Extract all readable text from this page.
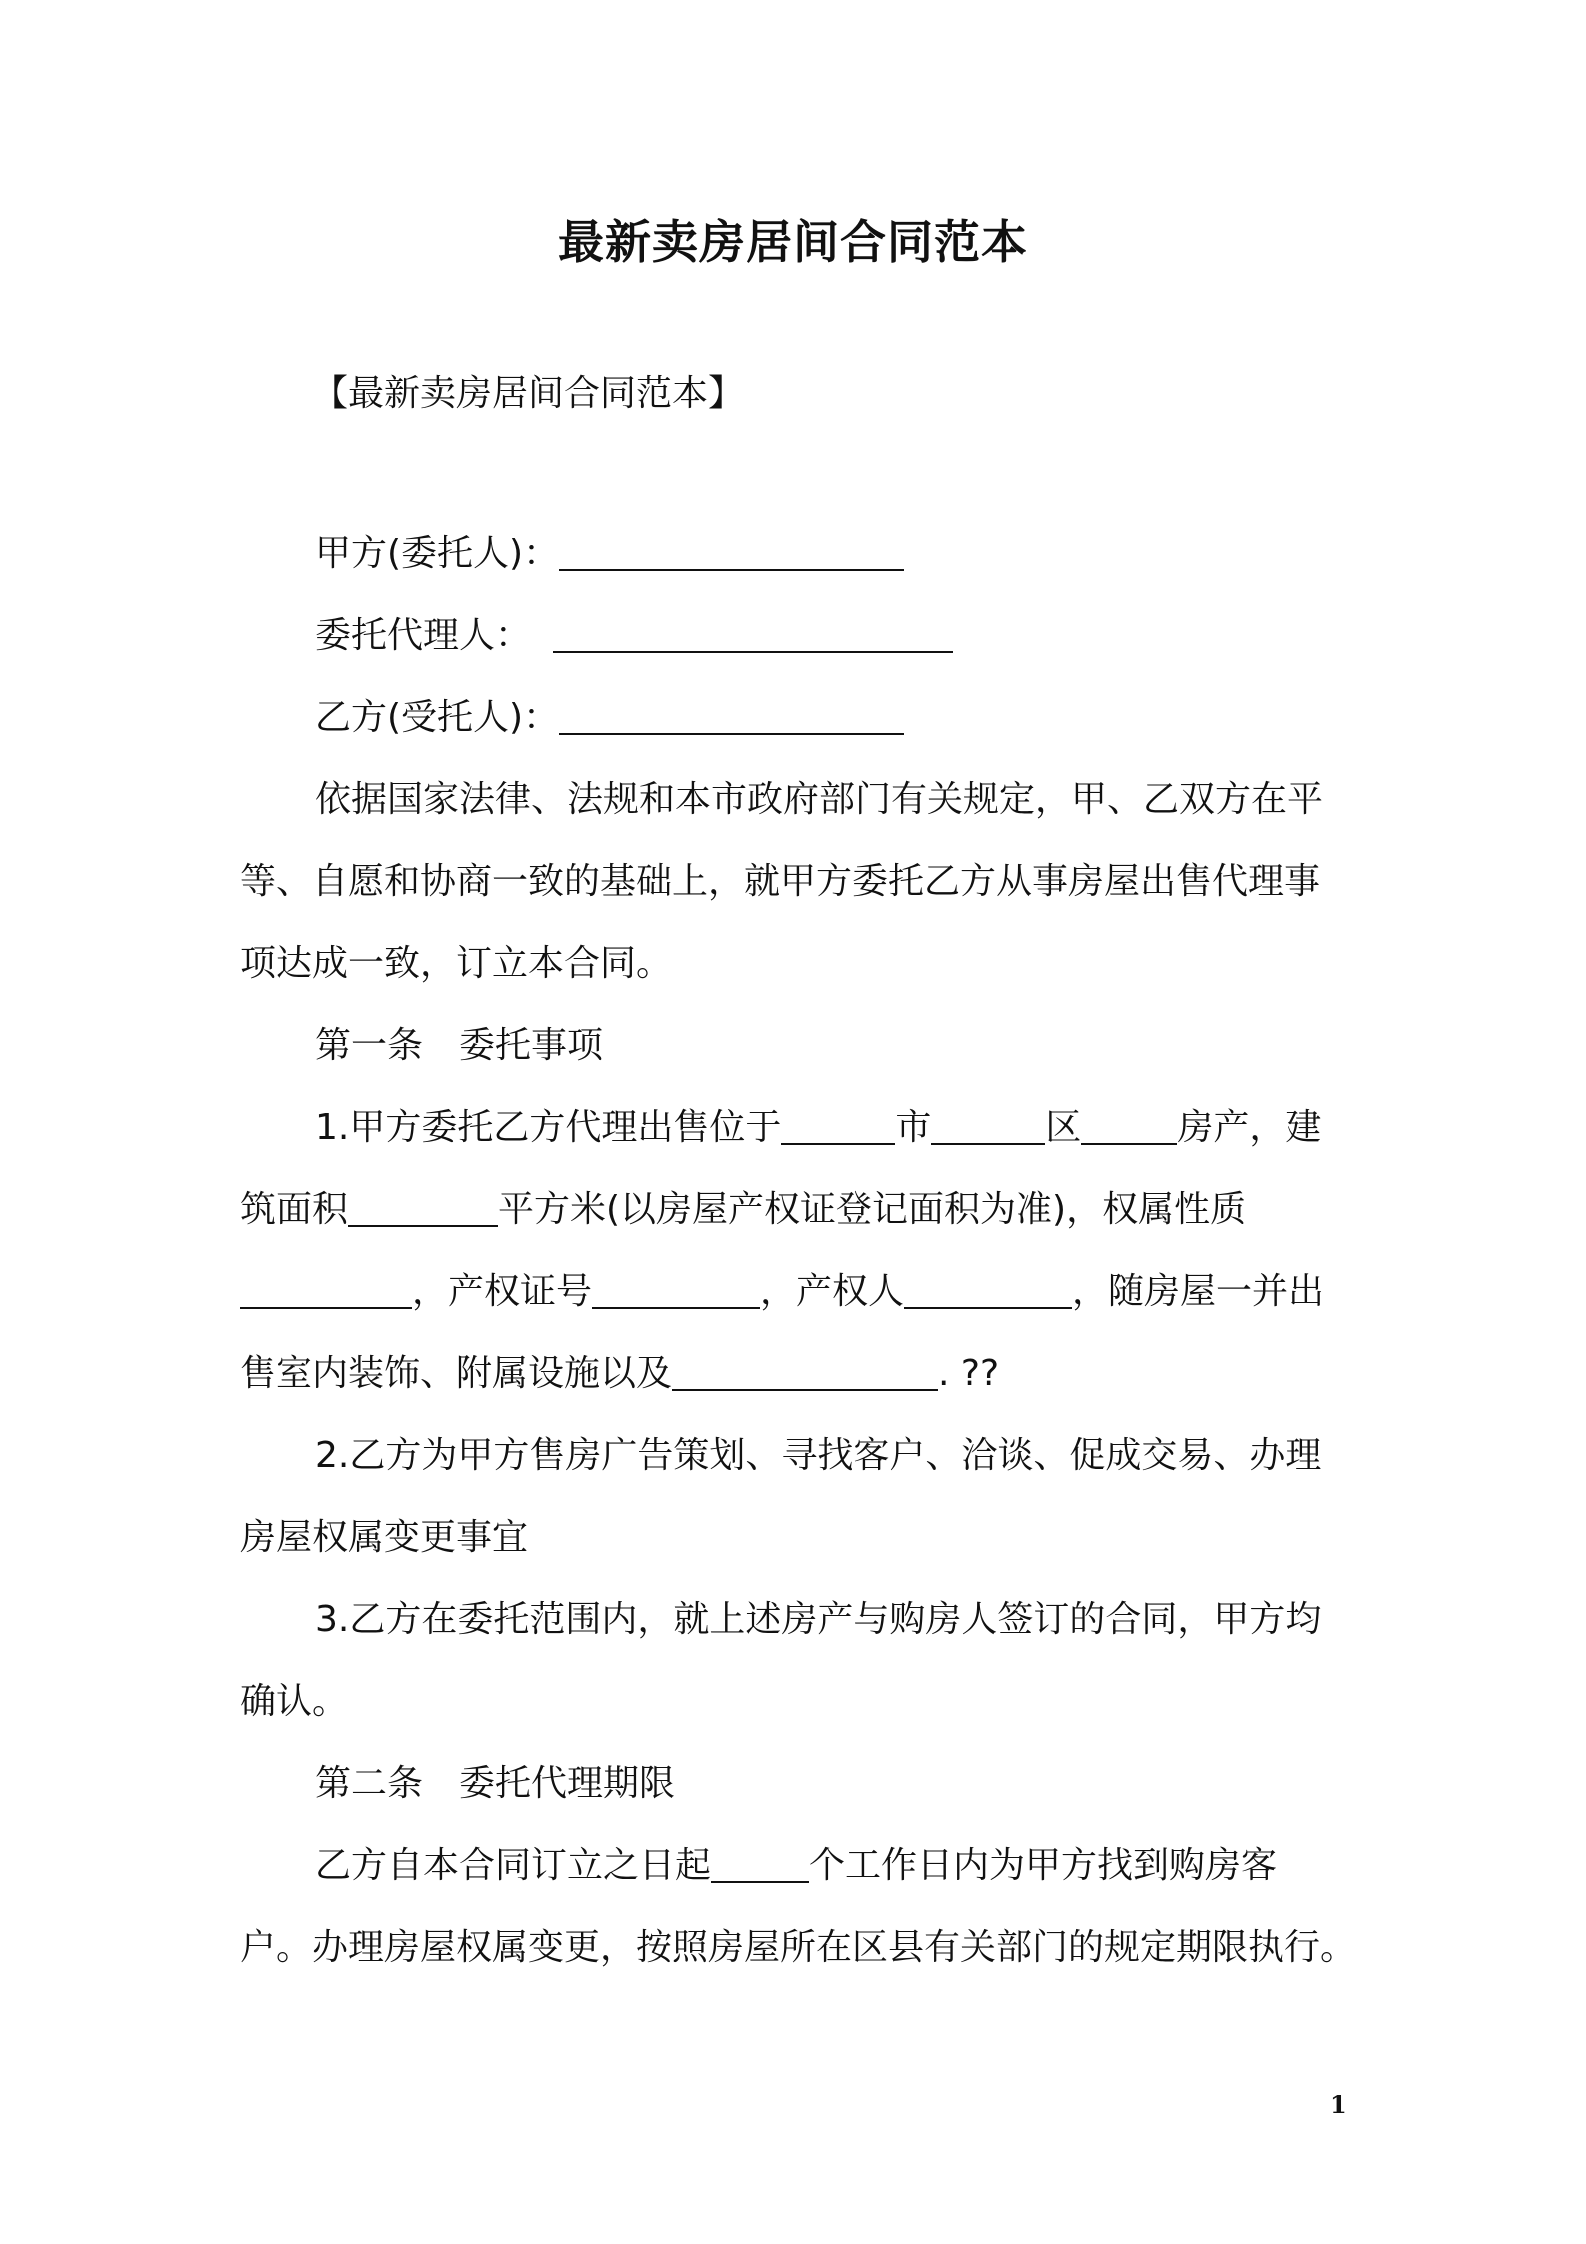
最新卖房居间合同范本
【最新卖房居间合同范本】
甲方(委托人)：
委托代理人：
乙方(受托人)：
依据国家法律、法规和本市政府部门有关规定，甲、乙双方在平
等、自愿和协商一致的基础上，就甲方委托乙方从事房屋出售代理事
项达成一致，订立本合同。
第一条　委托事项
1.甲方委托乙方代理出售位于	市	区	房产，建
筑面积	平方米(以房屋产权证登记面积为准)，权属性质
，产权证号	，产权人	，随房屋一并出
售室内装饰、附属设施以及	. ??
2.乙方为甲方售房广告策划、寻找客户、洽谈、促成交易、办理
房屋权属变更事宜
3.乙方在委托范围内，就上述房产与购房人签订的合同，甲方均
确认。
第二条　委托代理期限
乙方自本合同订立之日起	个工作日内为甲方找到购房客
户。办理房屋权属变更，按照房屋所在区县有关部门的规定期限执行。
1
